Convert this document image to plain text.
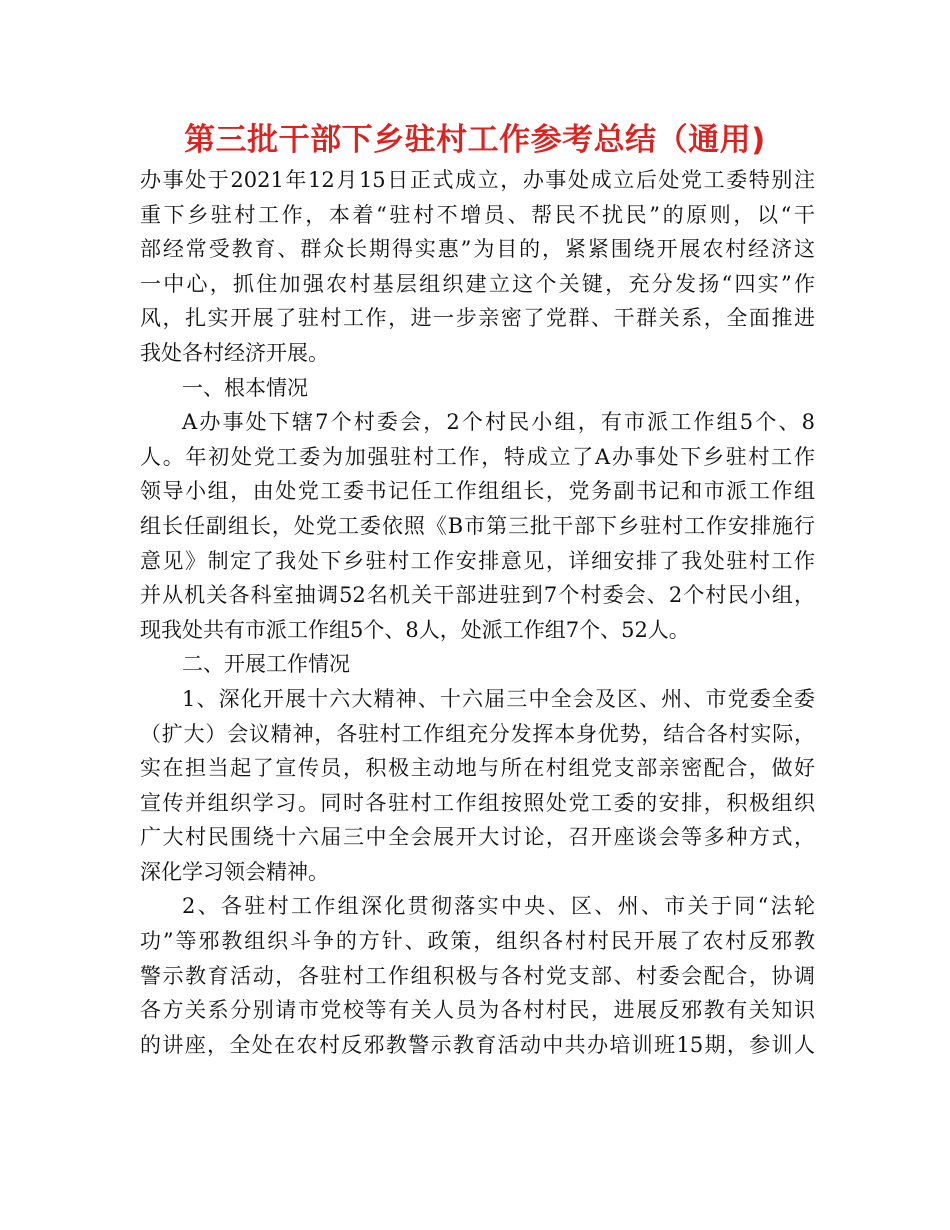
第三批干部下乡驻村工作参考总结（通用)
办事处于2021年12月15日正式成立，办事处成立后处党工委特别注
重下乡驻村工作，本着“驻村不增员、帮民不扰民”的原则，以“干
部经常受教育、群众长期得实惠”为目的，紧紧围绕开展农村经济这
一中心，抓住加强农村基层组织建立这个关键，充分发扬“四实”作
风，扎实开展了驻村工作，进一步亲密了党群、干群关系，全面推进
我处各村经济开展。
一、根本情况
A办事处下辖7个村委会，2个村民小组，有市派工作组5个、8
人。年初处党工委为加强驻村工作，特成立了A办事处下乡驻村工作
领导小组，由处党工委书记任工作组组长，党务副书记和市派工作组
组长任副组长，处党工委依照《B市第三批干部下乡驻村工作安排施行
意见》制定了我处下乡驻村工作安排意见，详细安排了我处驻村工作
并从机关各科室抽调52名机关干部进驻到7个村委会、2个村民小组，
现我处共有市派工作组5个、8人，处派工作组7个、52人。
二、开展工作情况
1、深化开展十六大精神、十六届三中全会及区、州、市党委全委
（扩大）会议精神，各驻村工作组充分发挥本身优势，结合各村实际，
实在担当起了宣传员，积极主动地与所在村组党支部亲密配合，做好
宣传并组织学习。同时各驻村工作组按照处党工委的安排，积极组织
广大村民围绕十六届三中全会展开大讨论，召开座谈会等多种方式，
深化学习领会精神。
2、各驻村工作组深化贯彻落实中央、区、州、市关于同“法轮
功”等邪教组织斗争的方针、政策，组织各村村民开展了农村反邪教
警示教育活动，各驻村工作组积极与各村党支部、村委会配合，协调
各方关系分别请市党校等有关人员为各村村民，进展反邪教有关知识
的讲座，全处在农村反邪教警示教育活动中共办培训班15期，参训人
